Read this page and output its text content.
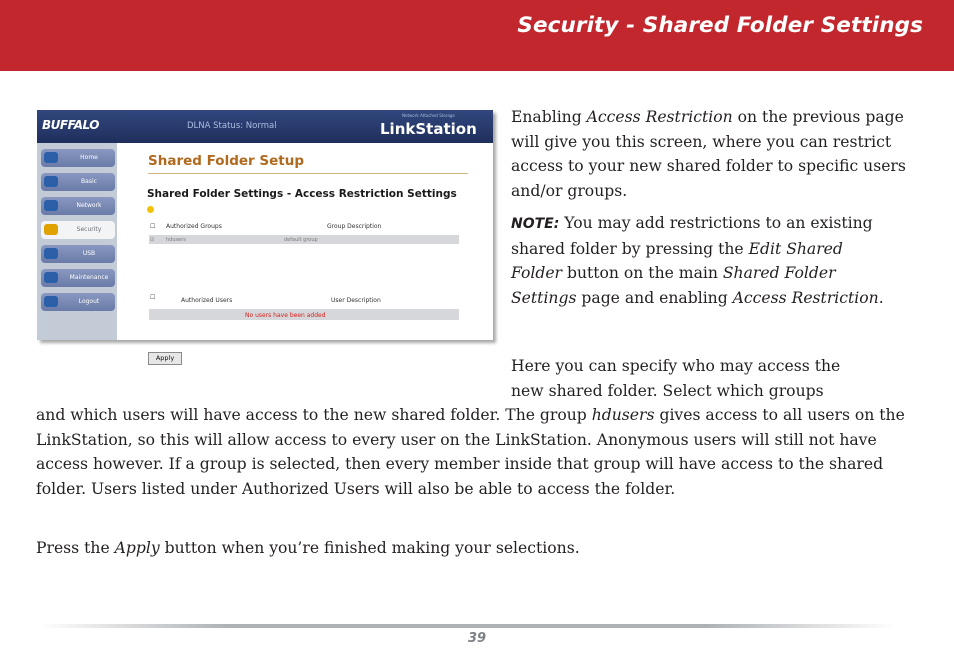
Security - Shared Folder Settings
BUFFALO	DLNA Status: Normal
Network Attached Storage
LinkStation
Home
Basic
Network
Security
USB
Maintenance
Logout
Shared Folder Setup
Shared Folder Settings - Access Restriction Settings
☐ Authorized Groups	Group Description
☑ hdusers	default group
☐	Authorized Users	User Description
No users have been added
Apply

Enabling Access Restriction on the previous page will give you this screen, where you can restrict access to your new shared folder to specific users and/or groups.

NOTE: You may add restrictions to an existing shared folder by pressing the Edit Shared Folder button on the main Shared Folder Settings page and enabling Access Restriction.

Here you can specify who may access the
new shared folder. Select which groups

and which users will have access to the new shared folder. The group hdusers gives access to all users on the LinkStation, so this will allow access to every user on the LinkStation. Anonymous users will still not have access however. If a group is selected, then every member inside that group will have access to the shared folder. Users listed under Authorized Users will also be able to access the folder.

Press the Apply button when you’re finished making your selections.

39
